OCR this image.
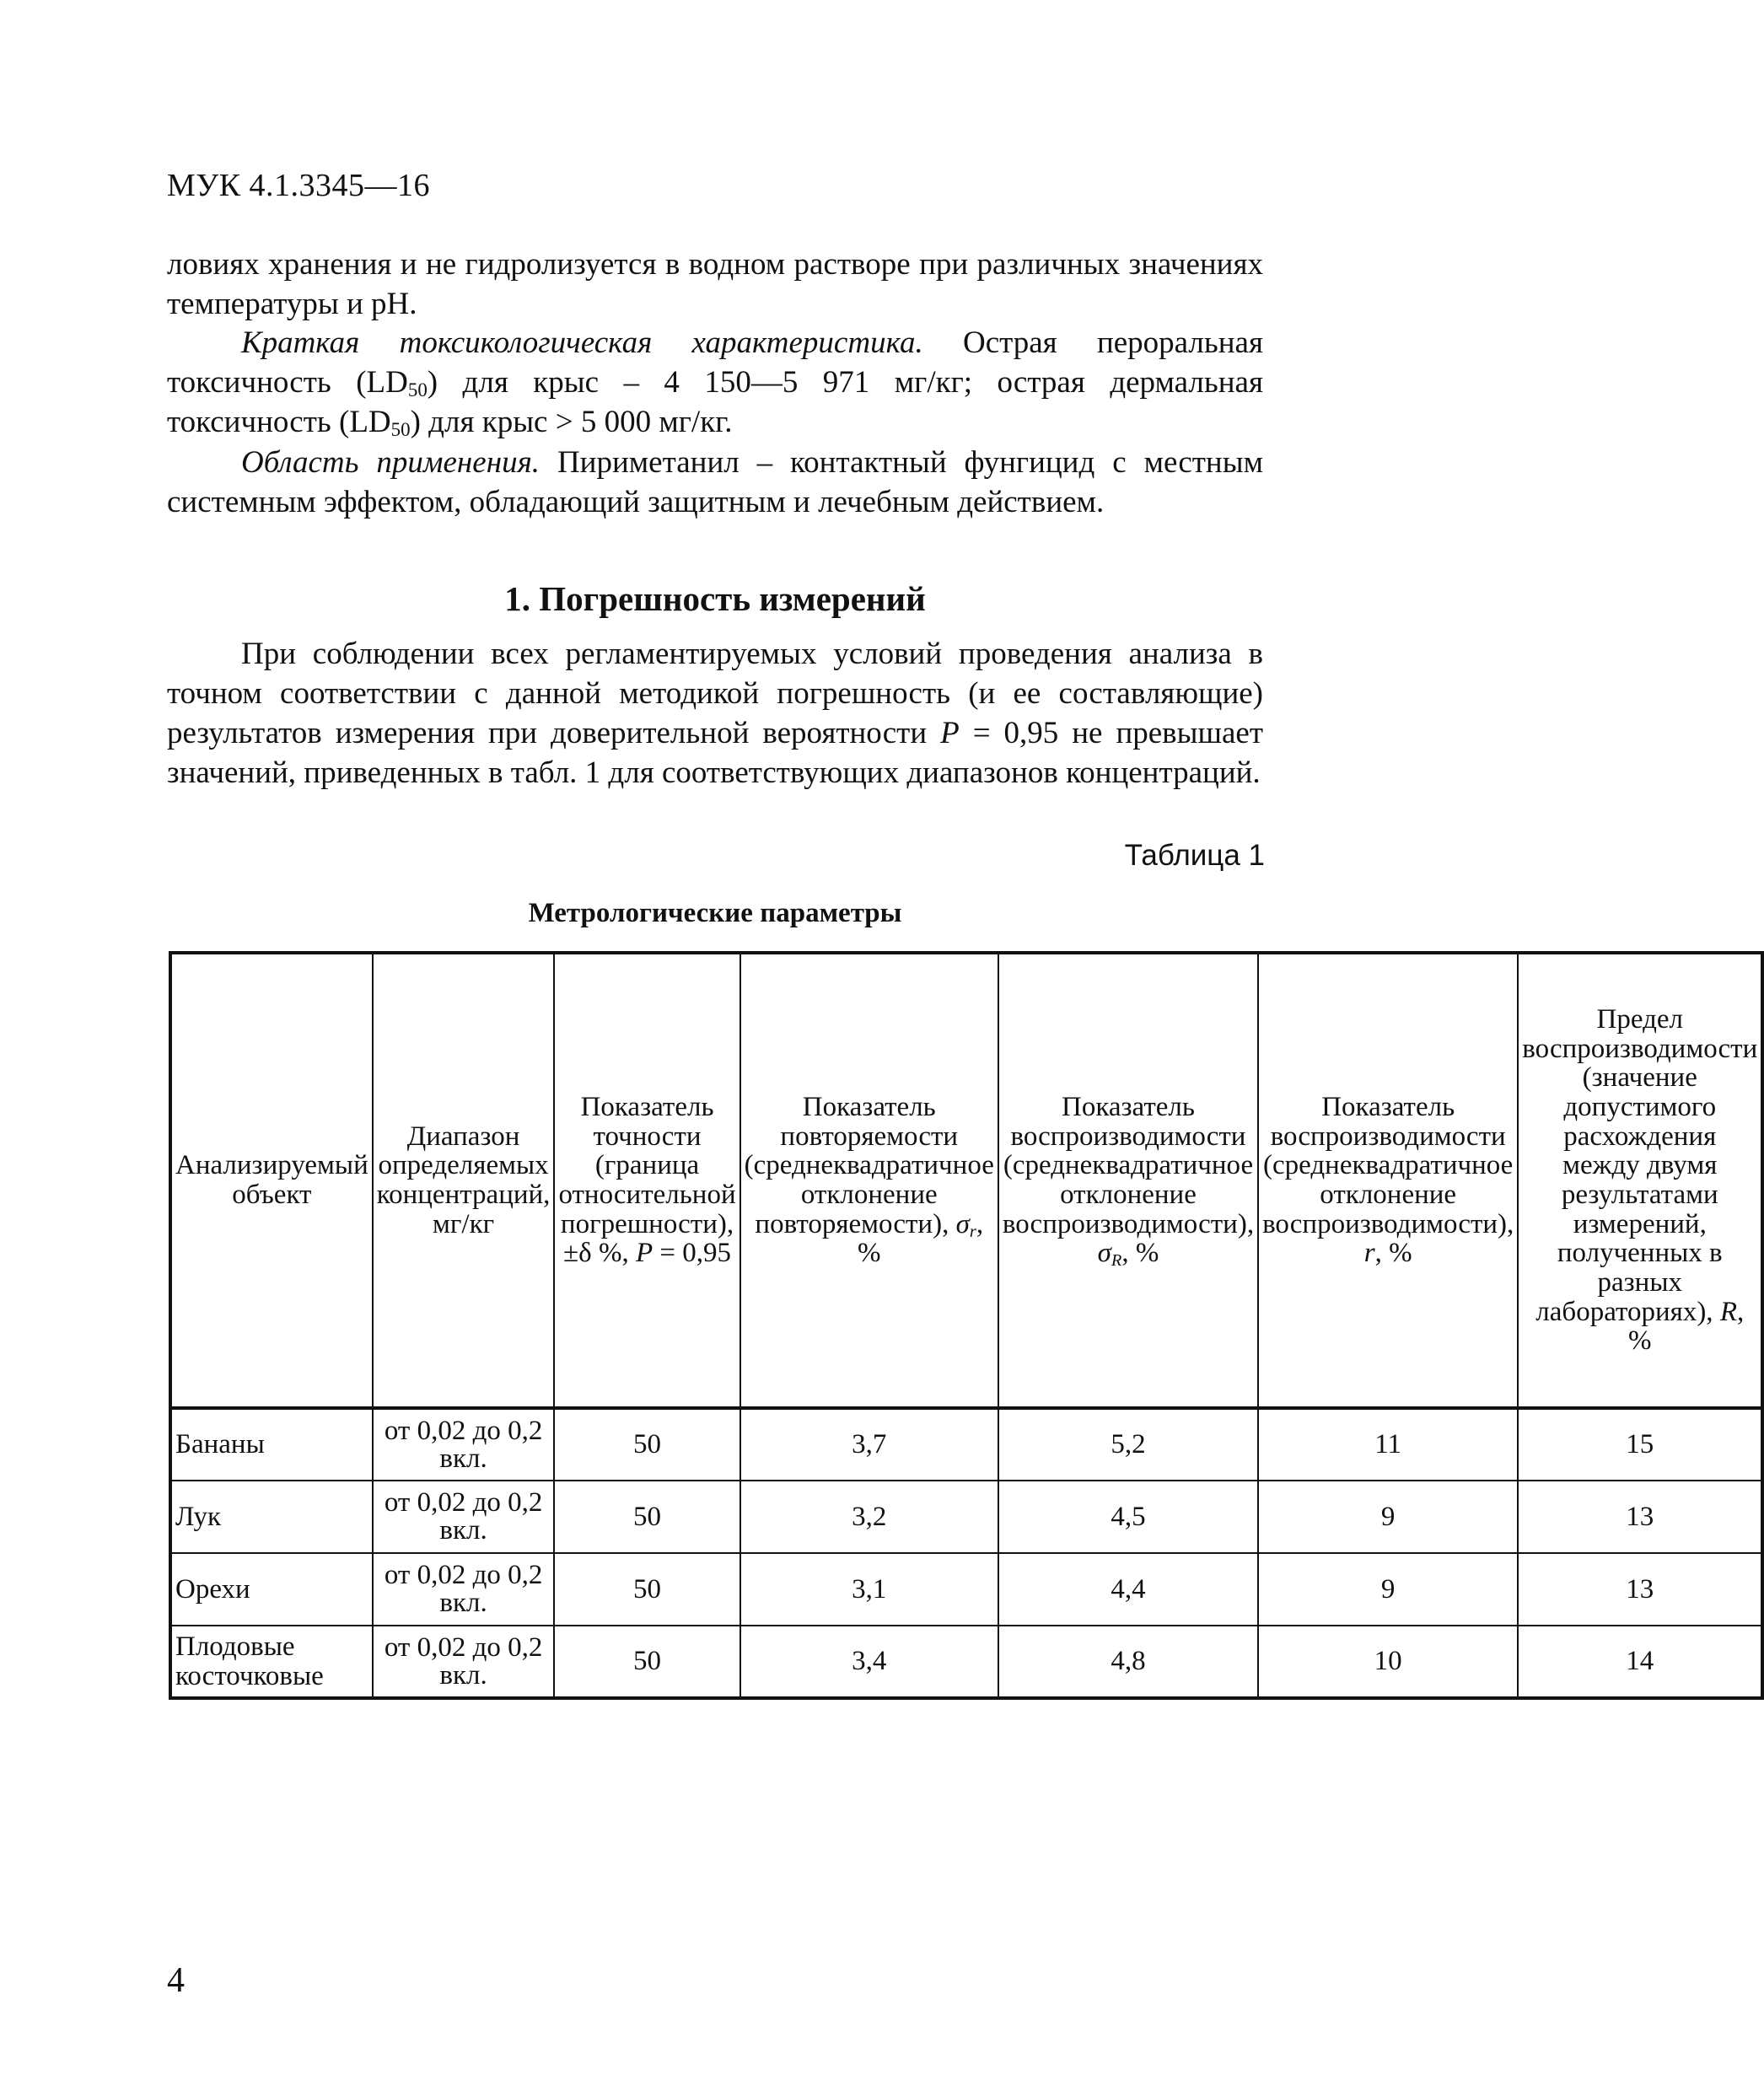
МУК 4.1.3345—16

ловиях хранения и не гидролизуется в водном растворе при различных значениях температуры и pH.

Краткая токсикологическая характеристика. Острая пероральная токсичность $(LD_{50})$ для крыс – 4 150—5 971 мг/кг; острая дермальная токсичность $(LD_{50})$ для крыс > 5 000 мг/кг.

Область применения. Пириметанил – контактный фунгицид с местным системным эффектом, обладающий защитным и лечебным действием.

1. Погрешность измерений

При соблюдении всех регламентируемых условий проведения анализа в точном соответствии с данной методикой погрешность (и ее составляющие) результатов измерения при доверительной вероятности P = 0,95 не превышает значений, приведенных в табл. 1 для соответствующих диапазонов концентраций.

Таблица 1
Метрологические параметры
Анализируемый объект	Диапазон определяемых концентраций, мг/кг	Показатель точности (граница относительной погрешности), ±δ %, P = 0,95	Показатель повторяемости (среднеквадратичное отклонение повторяемости), $\sigma_r$, %	Показатель воспроизводимости (среднеквадратичное отклонение воспроизводимости), $\sigma_R$, %	Показатель воспроизводимости (среднеквадратичное отклонение воспроизводимости), r, %	Предел воспроизводимости (значение допустимого расхождения между двумя результатами измерений, полученных в разных лабораториях), R, %
Бананы	от 0,02 до 0,2 вкл.	50	3,7	5,2	11	15
Лук	от 0,02 до 0,2 вкл.	50	3,2	4,5	9	13
Орехи	от 0,02 до 0,2 вкл.	50	3,1	4,4	9	13
Плодовые косточковые	от 0,02 до 0,2 вкл.	50	3,4	4,8	10	14
4
